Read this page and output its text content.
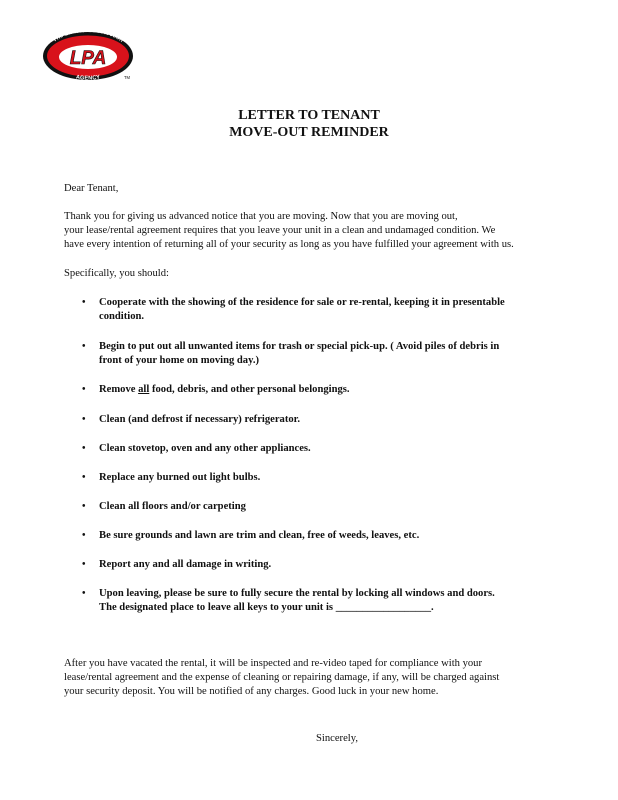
The Landlord Protection
LPA
AGENCY	TM
LETTER TO TENANT
MOVE-OUT REMINDER
Dear Tenant,
Thank you for giving us advanced notice that you are moving. Now that you are moving out,
your lease/rental agreement requires that you leave your unit in a clean and undamaged condition. We
have every intention of returning all of your security as long as you have fulfilled your agreement with us.
Specifically, you should:
•	Cooperate with the showing of the residence for sale or re-rental, keeping it in presentable
condition.
•	Begin to put out all unwanted items for trash or special pick-up. ( Avoid piles of debris in
front of your home on moving day.)
•	Remove all food, debris, and other personal belongings.
•	Clean (and defrost if necessary) refrigerator.
•	Clean stovetop, oven and any other appliances.
•	Replace any burned out light bulbs.
•	Clean all floors and/or carpeting
•	Be sure grounds and lawn are trim and clean, free of weeds, leaves, etc.
•	Report any and all damage in writing.
•	Upon leaving, please be sure to fully secure the rental by locking all windows and doors.
The designated place to leave all keys to your unit is __________________.
After you have vacated the rental, it will be inspected and re-video taped for compliance with your
lease/rental agreement and the expense of cleaning or repairing damage, if any, will be charged against
your security deposit. You will be notified of any charges. Good luck in your new home.
Sincerely,
